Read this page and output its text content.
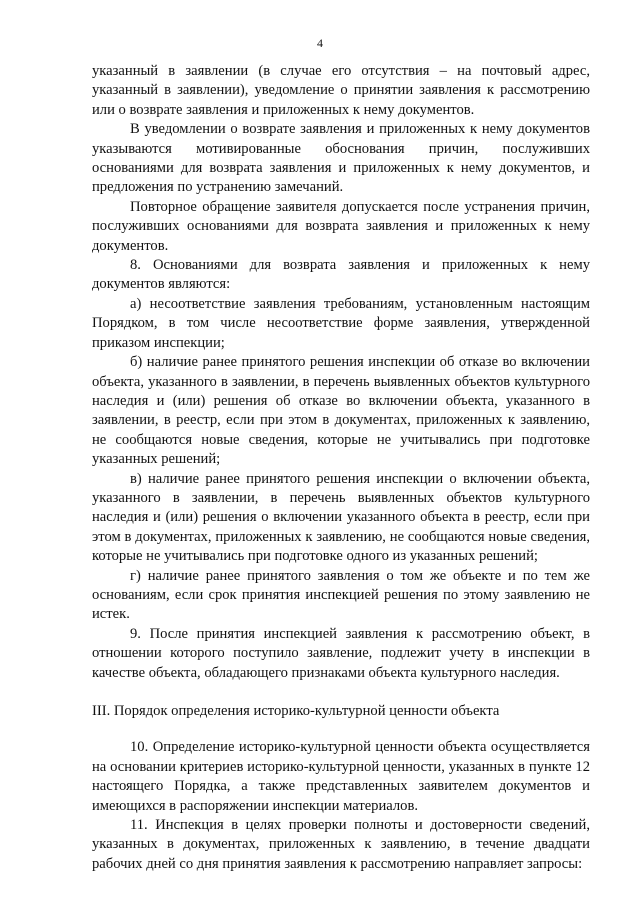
4

указанный в заявлении (в случае его отсутствия – на почтовый адрес, указанный в заявлении), уведомление о принятии заявления к рассмотрению или о возврате заявления и приложенных к нему документов.

В уведомлении о возврате заявления и приложенных к нему документов указываются мотивированные обоснования причин, послуживших основаниями для возврата заявления и приложенных к нему документов, и предложения по устранению замечаний.

Повторное обращение заявителя допускается после устранения причин, послуживших основаниями для возврата заявления и приложенных к нему документов.

8. Основаниями для возврата заявления и приложенных к нему документов являются:

а) несоответствие заявления требованиям, установленным настоящим Порядком, в том числе несоответствие форме заявления, утвержденной приказом инспекции;

б) наличие ранее принятого решения инспекции об отказе во включении объекта, указанного в заявлении, в перечень выявленных объектов культурного наследия и (или) решения об отказе во включении объекта, указанного в заявлении, в реестр, если при этом в документах, приложенных к заявлению, не сообщаются новые сведения, которые не учитывались при подготовке указанных решений;

в) наличие ранее принятого решения инспекции о включении объекта, указанного в заявлении, в перечень выявленных объектов культурного наследия и (или) решения о включении указанного объекта в реестр, если при этом в документах, приложенных к заявлению, не сообщаются новые сведения, которые не учитывались при подготовке одного из указанных решений;

г) наличие ранее принятого заявления о том же объекте и по тем же основаниям, если срок принятия инспекцией решения по этому заявлению не истек.

9. После принятия инспекцией заявления к рассмотрению объект, в отношении которого поступило заявление, подлежит учету в инспекции в качестве объекта, обладающего признаками объекта культурного наследия.

III. Порядок определения историко-культурной ценности объекта

10. Определение историко-культурной ценности объекта осуществляется на основании критериев историко-культурной ценности, указанных в пункте 12 настоящего Порядка, а также представленных заявителем документов и имеющихся в распоряжении инспекции материалов.

11. Инспекция в целях проверки полноты и достоверности сведений, указанных в документах, приложенных к заявлению, в течение двадцати рабочих дней со дня принятия заявления к рассмотрению направляет запросы:
